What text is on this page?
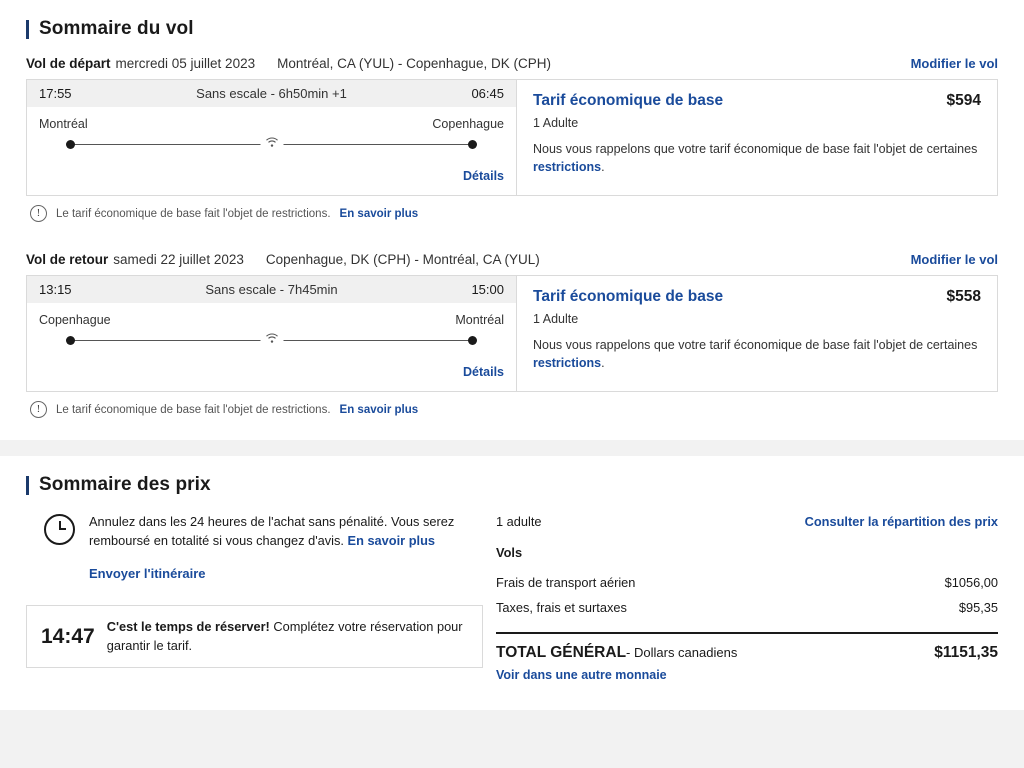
Sommaire du vol
Vol de départ mercredi 05 juillet 2023 Montréal, CA (YUL) - Copenhague, DK (CPH)	Modifier le vol
17:55	Sans escale - 6h50min +1	06:45
Montréal	Copenhague
Détails
Tarif économique de base	$594
1 Adulte
Nous vous rappelons que votre tarif économique de base fait l'objet de certaines restrictions.
!	Le tarif économique de base fait l'objet de restrictions. En savoir plus
Vol de retour samedi 22 juillet 2023 Copenhague, DK (CPH) - Montréal, CA (YUL)	Modifier le vol
13:15	Sans escale - 7h45min	15:00
Copenhague	Montréal
Détails
Tarif économique de base	$558
1 Adulte
Nous vous rappelons que votre tarif économique de base fait l'objet de certaines restrictions.
!	Le tarif économique de base fait l'objet de restrictions. En savoir plus
Sommaire des prix
Annulez dans les 24 heures de l'achat sans pénalité. Vous serez remboursé en totalité si vous changez d'avis. En savoir plus
Envoyer l'itinéraire
14:47 C'est le temps de réserver! Complétez votre réservation pour garantir le tarif.
1 adulte	Consulter la répartition des prix
Vols
Frais de transport aérien	$1056,00
Taxes, frais et surtaxes	$95,35
TOTAL GÉNÉRAL - Dollars canadiens	$1151,35
Voir dans une autre monnaie
